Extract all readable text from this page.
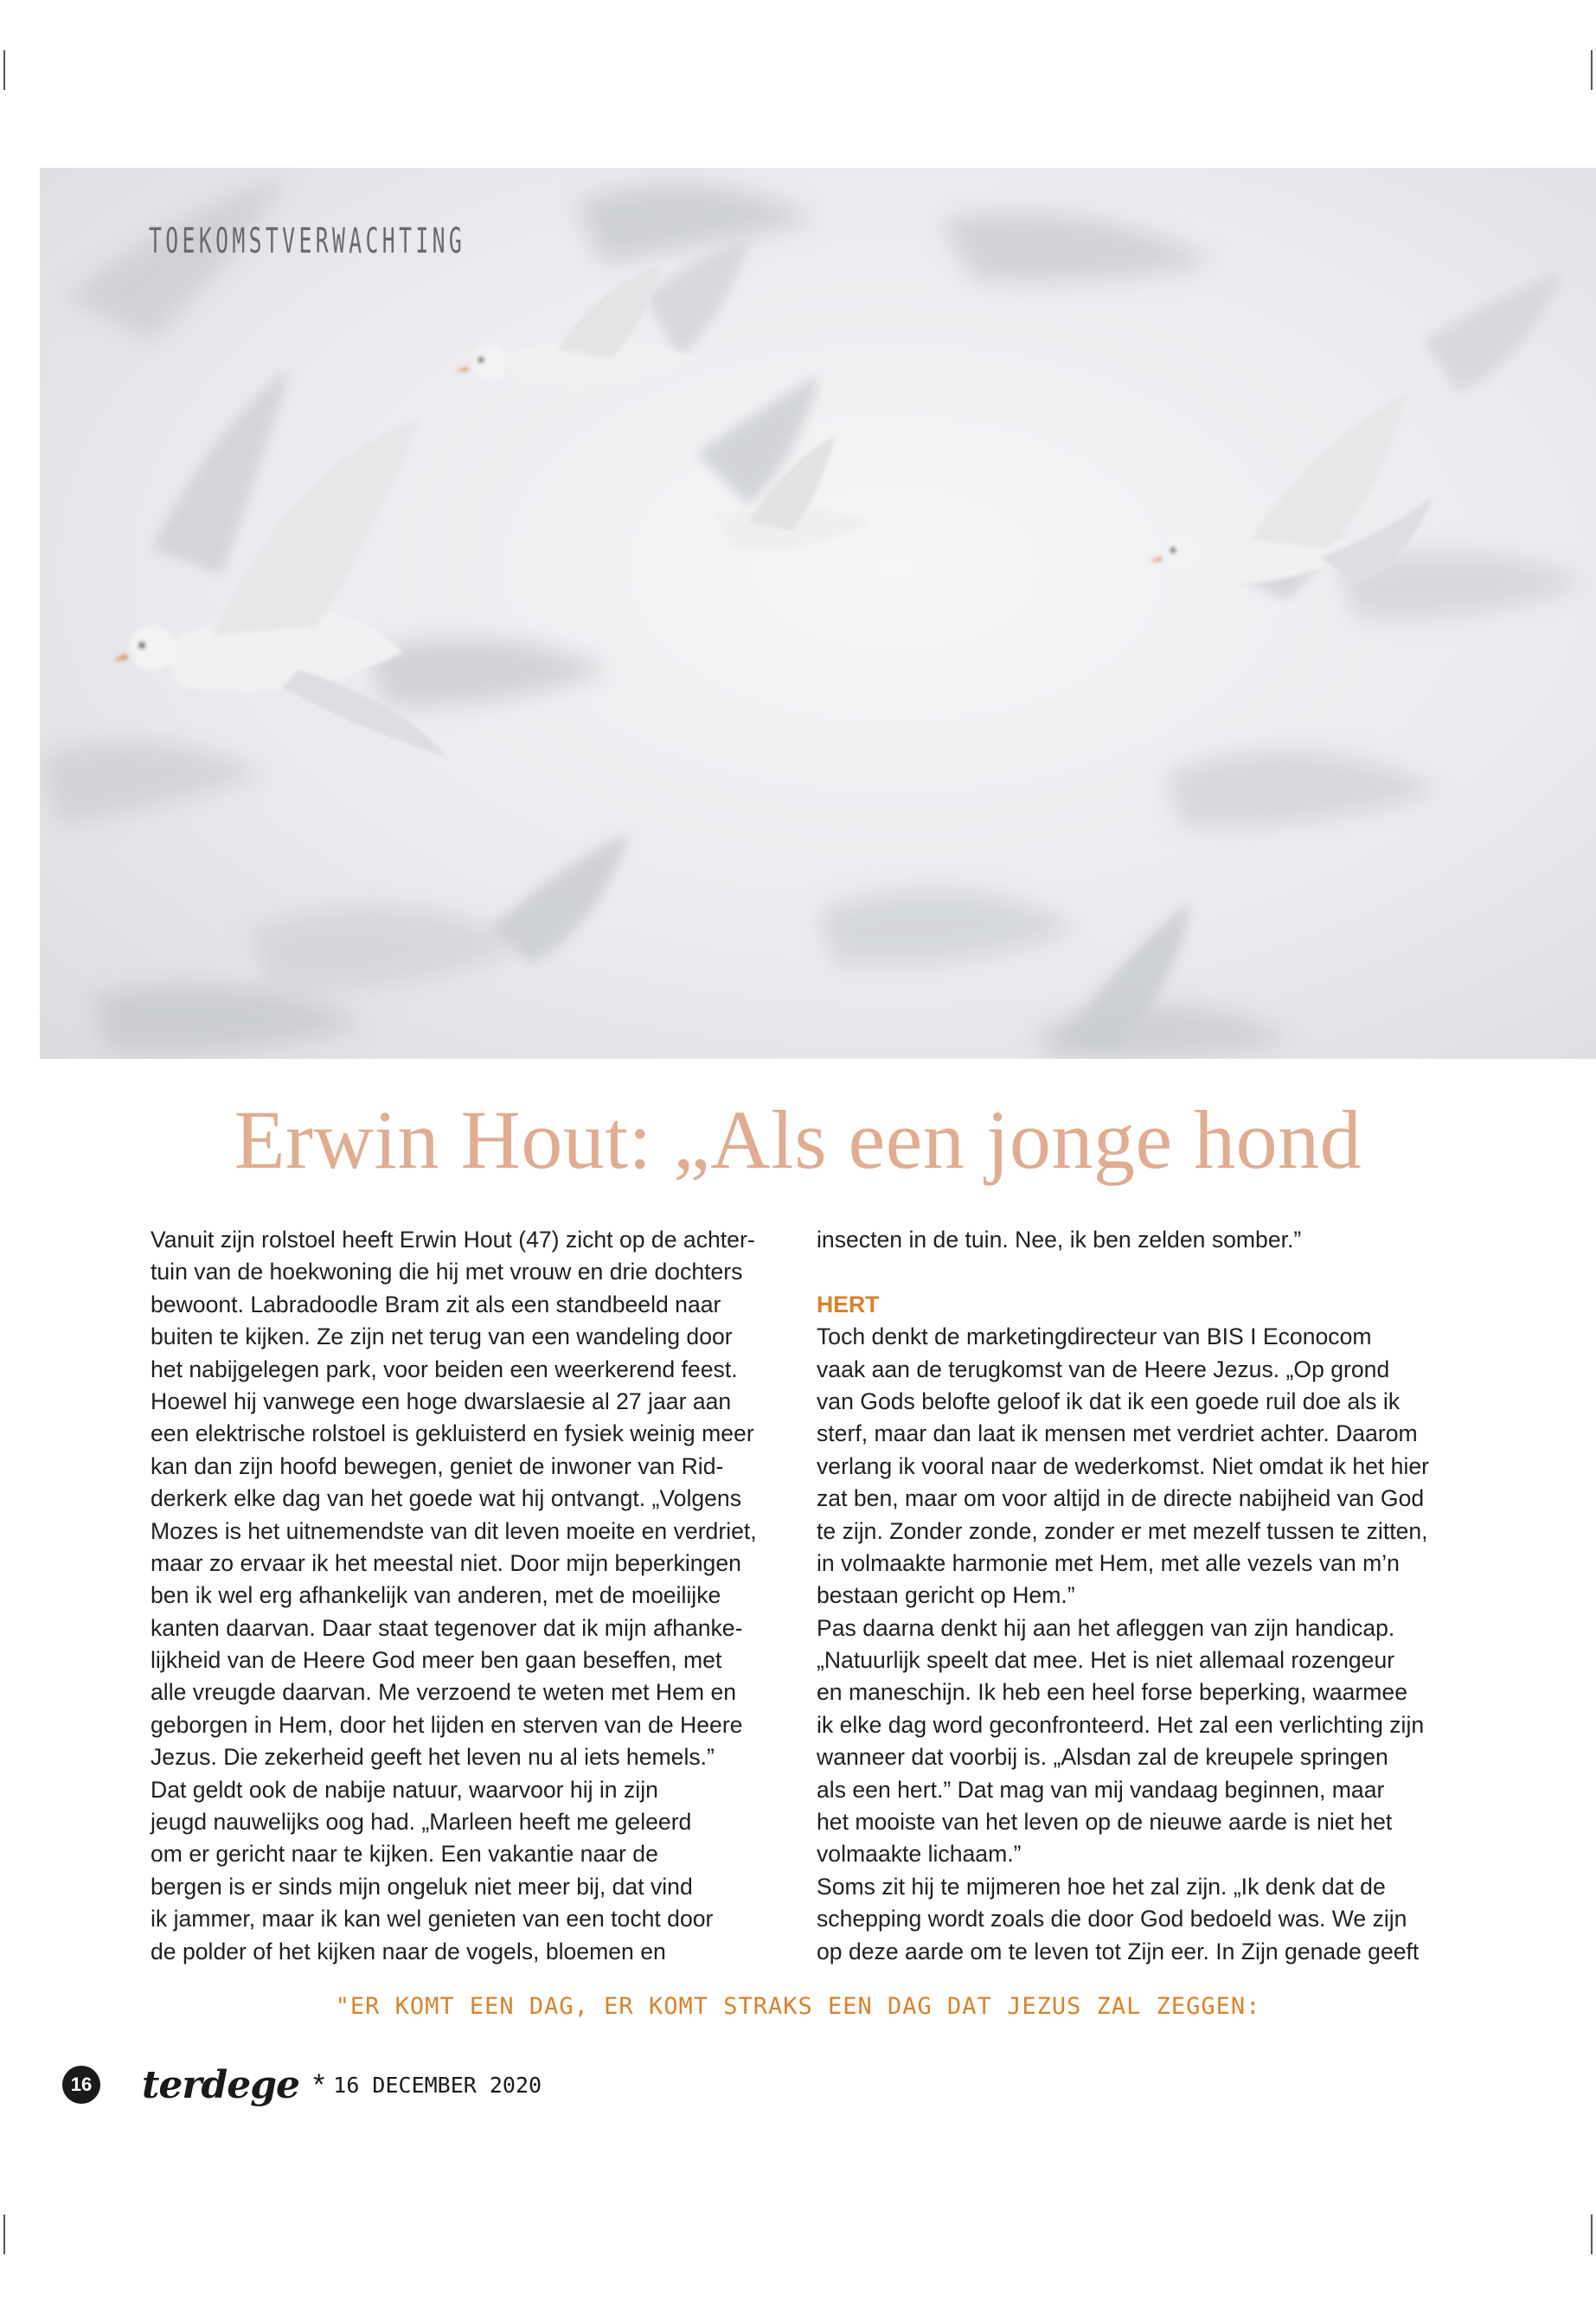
TOEKOMSTVERWACHTING
Erwin Hout: „Als een jonge hond
Vanuit zijn rolstoel heeft Erwin Hout (47) zicht op de achter-
tuin van de hoekwoning die hij met vrouw en drie dochters
bewoont. Labradoodle Bram zit als een standbeeld naar
buiten te kijken. Ze zijn net terug van een wandeling door
het nabijgelegen park, voor beiden een weerkerend feest.
Hoewel hij vanwege een hoge dwarslaesie al 27 jaar aan
een elektrische rolstoel is gekluisterd en fysiek weinig meer
kan dan zijn hoofd bewegen, geniet de inwoner van Rid-
derkerk elke dag van het goede wat hij ontvangt. „Volgens
Mozes is het uitnemendste van dit leven moeite en verdriet,
maar zo ervaar ik het meestal niet. Door mijn beperkingen
ben ik wel erg afhankelijk van anderen, met de moeilijke
kanten daarvan. Daar staat tegenover dat ik mijn afhanke-
lijkheid van de Heere God meer ben gaan beseffen, met
alle vreugde daarvan. Me verzoend te weten met Hem en
geborgen in Hem, door het lijden en sterven van de Heere
Jezus. Die zekerheid geeft het leven nu al iets hemels.”
Dat geldt ook de nabije natuur, waarvoor hij in zijn
jeugd nauwelijks oog had. „Marleen heeft me geleerd
om er gericht naar te kijken. Een vakantie naar de
bergen is er sinds mijn ongeluk niet meer bij, dat vind
ik jammer, maar ik kan wel genieten van een tocht door
de polder of het kijken naar de vogels, bloemen en
insecten in de tuin. Nee, ik ben zelden somber.”
HERT
Toch denkt de marketingdirecteur van BIS I Econocom
vaak aan de terugkomst van de Heere Jezus. „Op grond
van Gods belofte geloof ik dat ik een goede ruil doe als ik
sterf, maar dan laat ik mensen met verdriet achter. Daarom
verlang ik vooral naar de wederkomst. Niet omdat ik het hier
zat ben, maar om voor altijd in de directe nabijheid van God
te zijn. Zonder zonde, zonder er met mezelf tussen te zitten,
in volmaakte harmonie met Hem, met alle vezels van m’n
bestaan gericht op Hem.”
Pas daarna denkt hij aan het afleggen van zijn handicap.
„Natuurlijk speelt dat mee. Het is niet allemaal rozengeur
en maneschijn. Ik heb een heel forse beperking, waarmee
ik elke dag word geconfronteerd. Het zal een verlichting zijn
wanneer dat voorbij is. „Alsdan zal de kreupele springen
als een hert.” Dat mag van mij vandaag beginnen, maar
het mooiste van het leven op de nieuwe aarde is niet het
volmaakte lichaam.”
Soms zit hij te mijmeren hoe het zal zijn. „Ik denk dat de
schepping wordt zoals die door God bedoeld was. We zijn
op deze aarde om te leven tot Zijn eer. In Zijn genade geeft
"ER KOMT EEN DAG, ER KOMT STRAKS EEN DAG DAT JEZUS ZAL ZEGGEN:
16 terdege * 16 DECEMBER 2020
